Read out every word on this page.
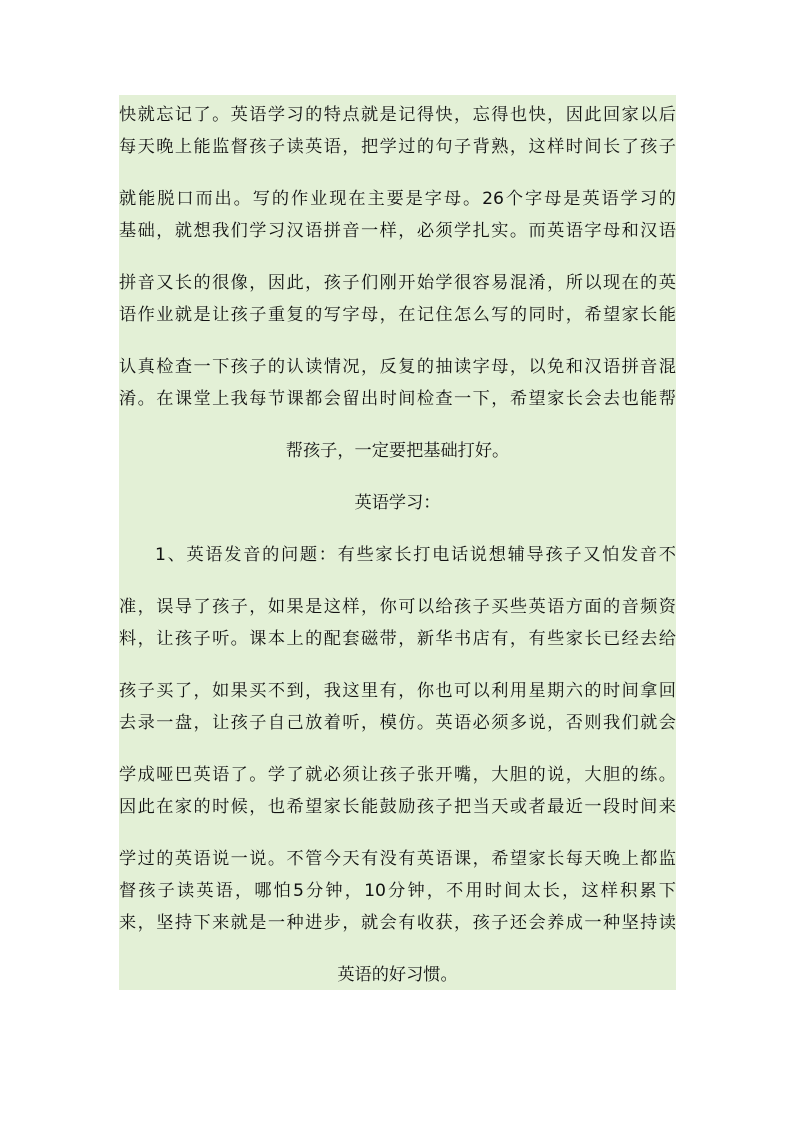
快就忘记了。英语学习的特点就是记得快，忘得也快，因此回家以后
每天晚上能监督孩子读英语，把学过的句子背熟，这样时间长了孩子
就能脱口而出。写的作业现在主要是字母。26个字母是英语学习的
基础，就想我们学习汉语拼音一样，必须学扎实。而英语字母和汉语
拼音又长的很像，因此，孩子们刚开始学很容易混淆，所以现在的英
语作业就是让孩子重复的写字母，在记住怎么写的同时，希望家长能
认真检查一下孩子的认读情况，反复的抽读字母，以免和汉语拼音混
淆。在课堂上我每节课都会留出时间检查一下，希望家长会去也能帮
帮孩子，一定要把基础打好。
英语学习：
1、英语发音的问题：有些家长打电话说想辅导孩子又怕发音不
准，误导了孩子，如果是这样，你可以给孩子买些英语方面的音频资
料，让孩子听。课本上的配套磁带，新华书店有，有些家长已经去给
孩子买了，如果买不到，我这里有，你也可以利用星期六的时间拿回
去录一盘，让孩子自己放着听，模仿。英语必须多说，否则我们就会
学成哑巴英语了。学了就必须让孩子张开嘴，大胆的说，大胆的练。
因此在家的时候，也希望家长能鼓励孩子把当天或者最近一段时间来
学过的英语说一说。不管今天有没有英语课，希望家长每天晚上都监
督孩子读英语，哪怕5分钟，10分钟，不用时间太长，这样积累下
来，坚持下来就是一种进步，就会有收获，孩子还会养成一种坚持读
英语的好习惯。
